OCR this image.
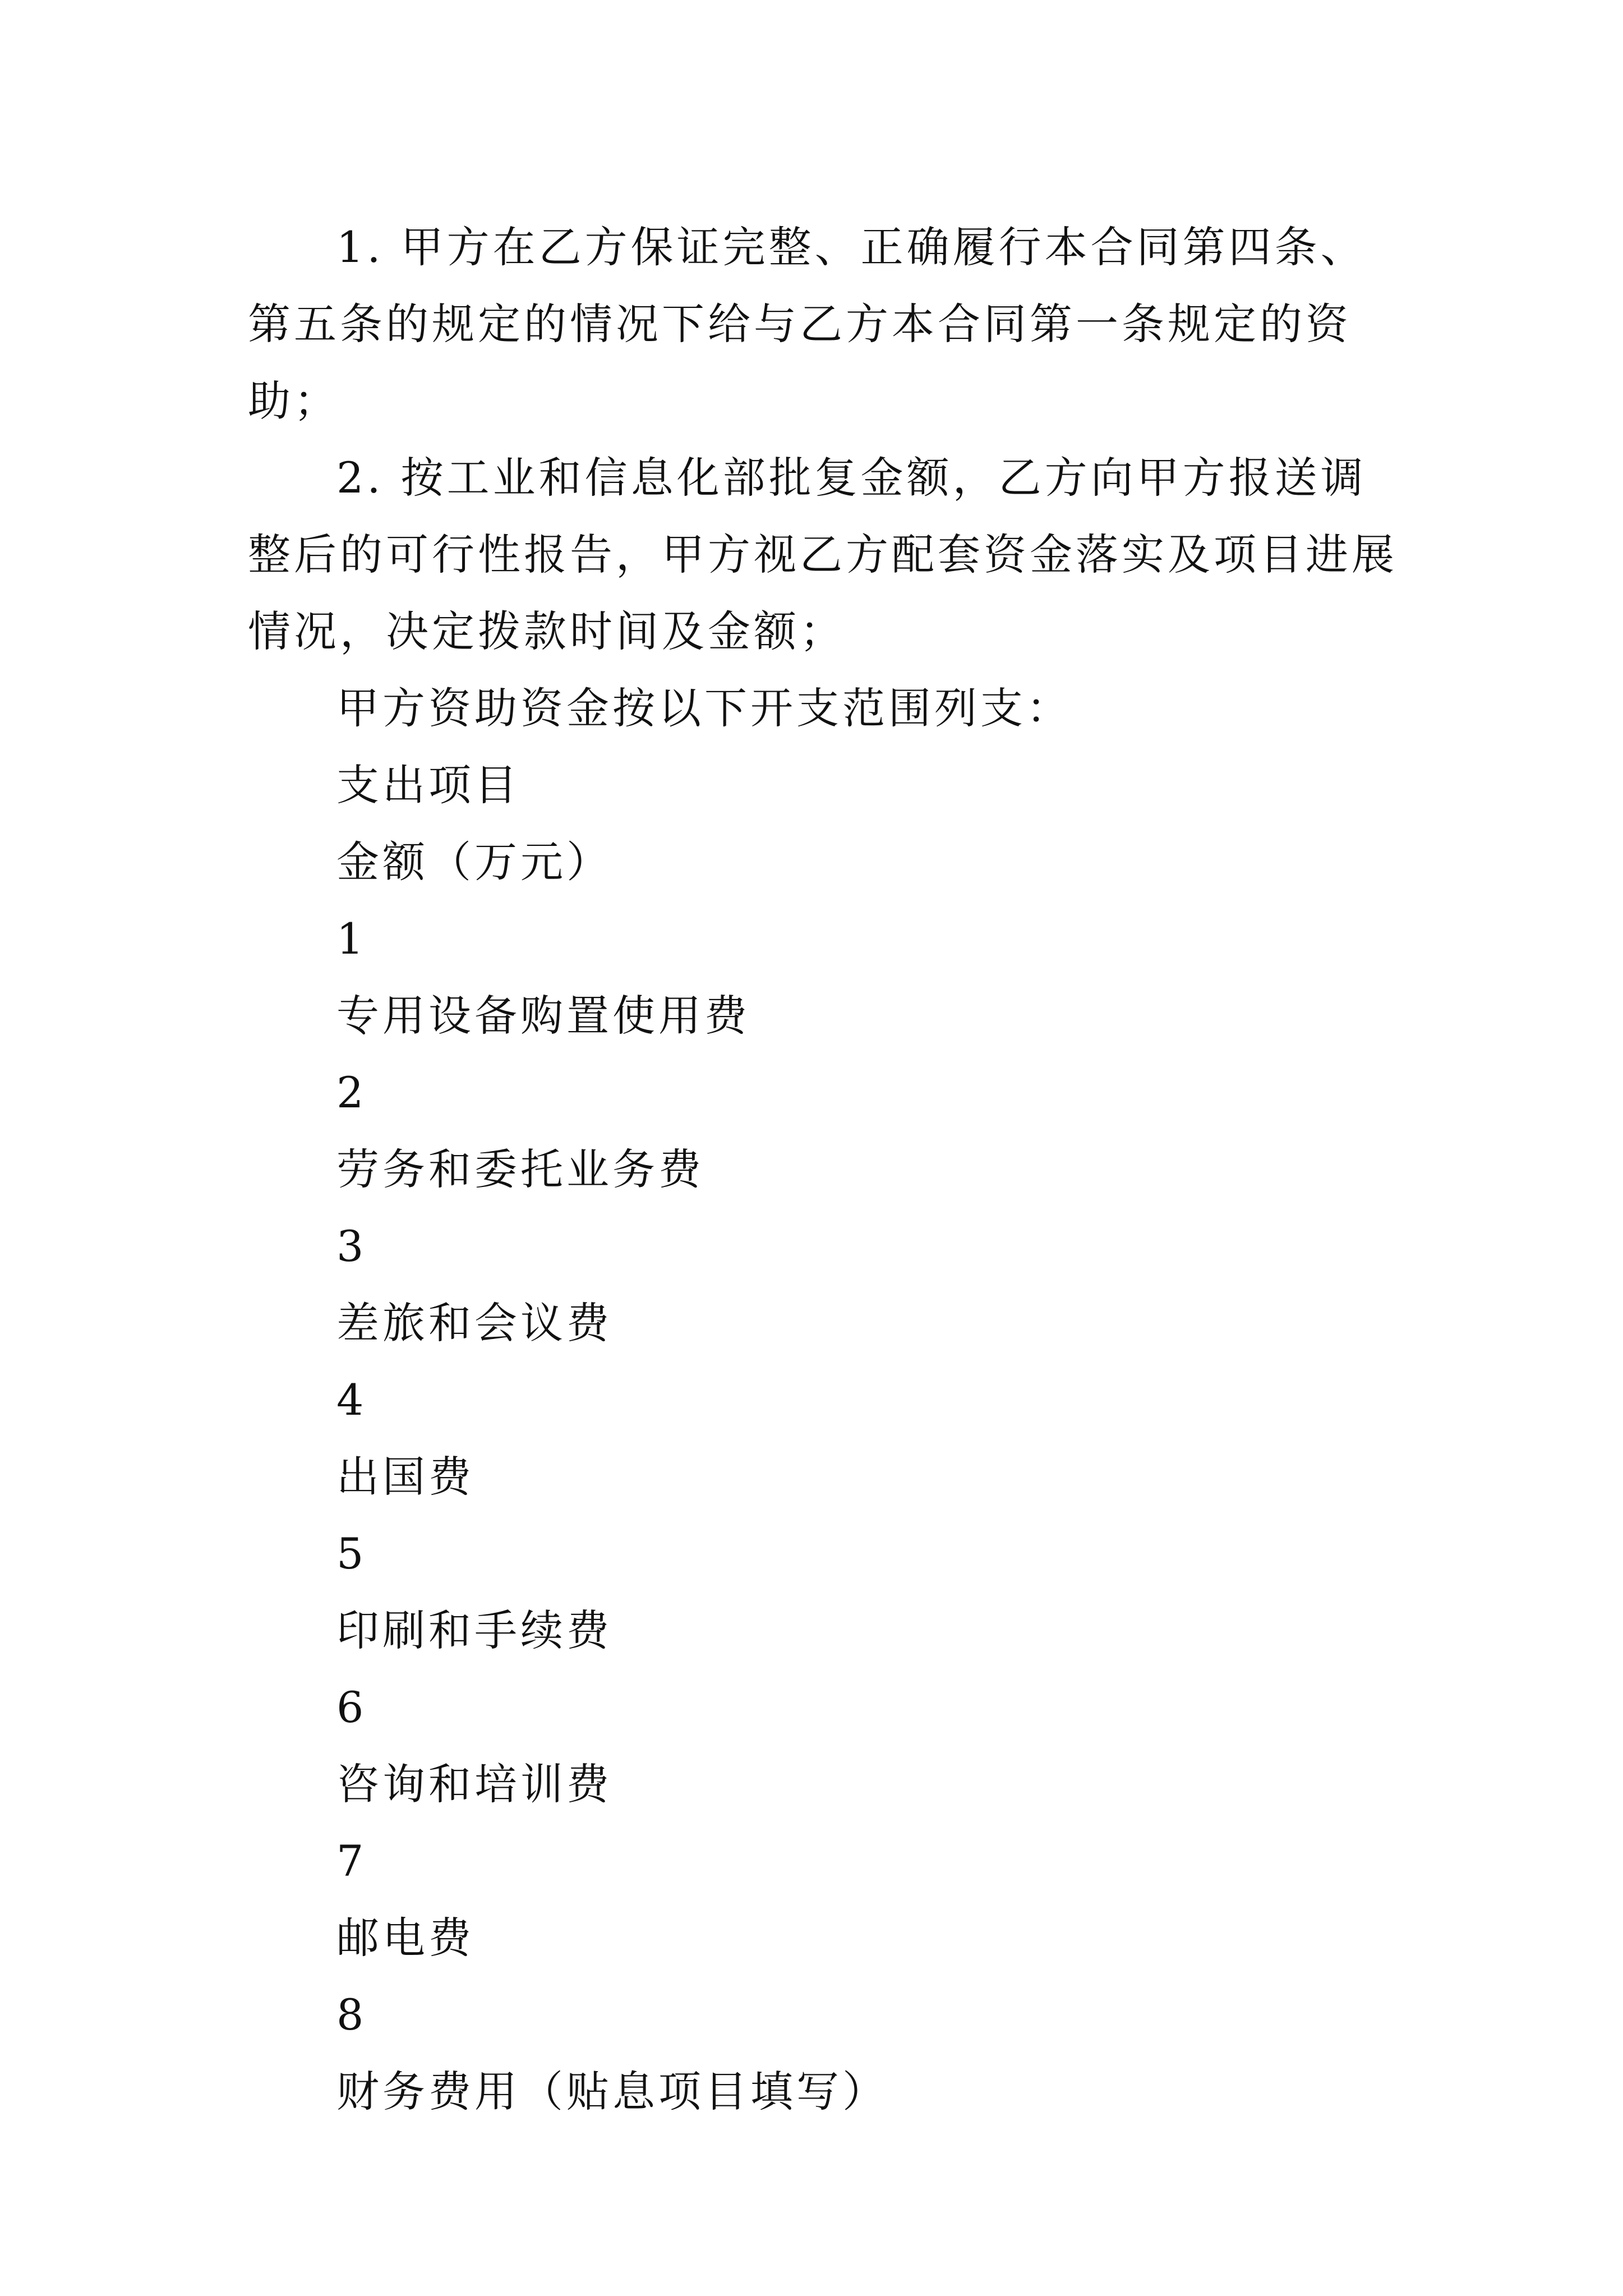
1. 甲方在乙方保证完整、正确履行本合同第四条、第五条的规定的情况下给与乙方本合同第一条规定的资助；

2. 按工业和信息化部批复金额，乙方向甲方报送调整后的可行性报告，甲方视乙方配套资金落实及项目进展情况，决定拨款时间及金额；

甲方资助资金按以下开支范围列支：

支出项目

金额（万元）

1

专用设备购置使用费

2

劳务和委托业务费

3

差旅和会议费

4

出国费

5

印刷和手续费

6

咨询和培训费

7

邮电费

8

财务费用（贴息项目填写）
